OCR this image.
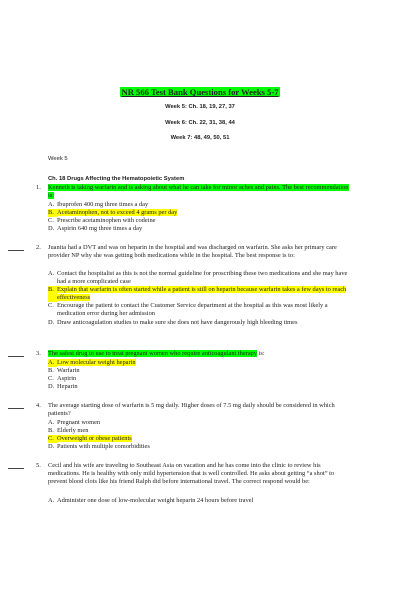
NR 566 Test Bank Questions for Weeks 5-7
Week 5: Ch. 18, 19, 27, 37
Week 6: Ch. 22, 31, 38, 44
Week 7: 48, 49, 50, 51
Week 5
Ch. 18 Drugs Affecting the Hematopoietic System
1. Kenneth is taking warfarin and is asking about what he can take for minor aches and pains. The best recommendation is:
A. Ibuprofen 400 mg three times a day
B. Acetaminophen, not to exceed 4 grams per day
C. Prescribe acetaminophen with codeine
D. Aspirin 640 mg three times a day
2. Juanita had a DVT and was on heparin in the hospital and was discharged on warfarin. She asks her primary care provider NP why she was getting both medications while in the hospital. The best response is to:
A. Contact the hospitalist as this is not the normal guideline for proscribing these two medications and she may have had a more complicated case
B. Explain that warfarin is often started while a patient is still on heparin because warfarin takes a few days to reach effectiveness
C. Encourage the patient to contact the Customer Service department at the hospital as this was most likely a medication error during her admission
D. Draw anticoagulation studies to make sure she does not have dangerously high bleeding times
3. The safest drug to use to treat pregnant women who require anticoagulant therapy is:
A. Low molecular weight heparin
B. Warfarin
C. Aspirin
D. Heparin
4. The average starting dose of warfarin is 5 mg daily. Higher doses of 7.5 mg daily should be considered in which patients?
A. Pregnant women
B. Elderly men
C. Overweight or obese patients
D. Patients with multiple comorbidities
5. Cecil and his wife are traveling to Southeast Asia on vacation and he has come into the clinic to review his medications. He is healthy with only mild hypertension that is well controlled. He asks about getting “a shot” to prevent blood clots like his friend Ralph did before international travel. The correct respond would be:
A. Administer one dose of low-molecular weight heparin 24 hours before travel
